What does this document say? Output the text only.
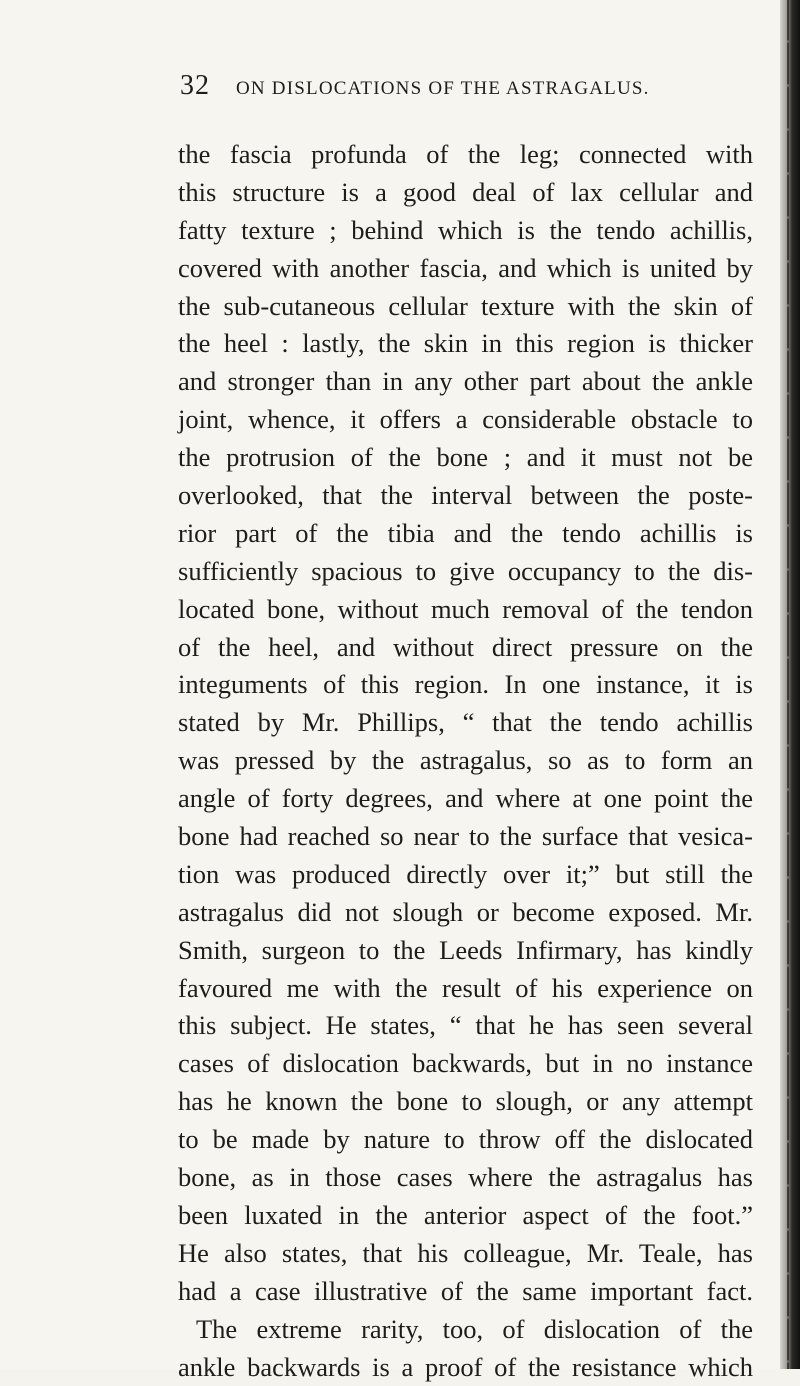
32 ON DISLOCATIONS OF THE ASTRAGALUS.
the fascia profunda of the leg; connected with
this structure is a good deal of lax cellular and
fatty texture ; behind which is the tendo achillis,
covered with another fascia, and which is united by
the sub-cutaneous cellular texture with the skin of
the heel : lastly, the skin in this region is thicker
and stronger than in any other part about the ankle
joint, whence, it offers a considerable obstacle to
the protrusion of the bone ; and it must not be
overlooked, that the interval between the poste-
rior part of the tibia and the tendo achillis is
sufficiently spacious to give occupancy to the dis-
located bone, without much removal of the tendon
of the heel, and without direct pressure on the
integuments of this region. In one instance, it is
stated by Mr. Phillips, “ that the tendo achillis
was pressed by the astragalus, so as to form an
angle of forty degrees, and where at one point the
bone had reached so near to the surface that vesica-
tion was produced directly over it;” but still the
astragalus did not slough or become exposed. Mr.
Smith, surgeon to the Leeds Infirmary, has kindly
favoured me with the result of his experience on
this subject. He states, “ that he has seen several
cases of dislocation backwards, but in no instance
has he known the bone to slough, or any attempt
to be made by nature to throw off the dislocated
bone, as in those cases where the astragalus has
been luxated in the anterior aspect of the foot.”
He also states, that his colleague, Mr. Teale, has
had a case illustrative of the same important fact.
The extreme rarity, too, of dislocation of the
ankle backwards is a proof of the resistance which
